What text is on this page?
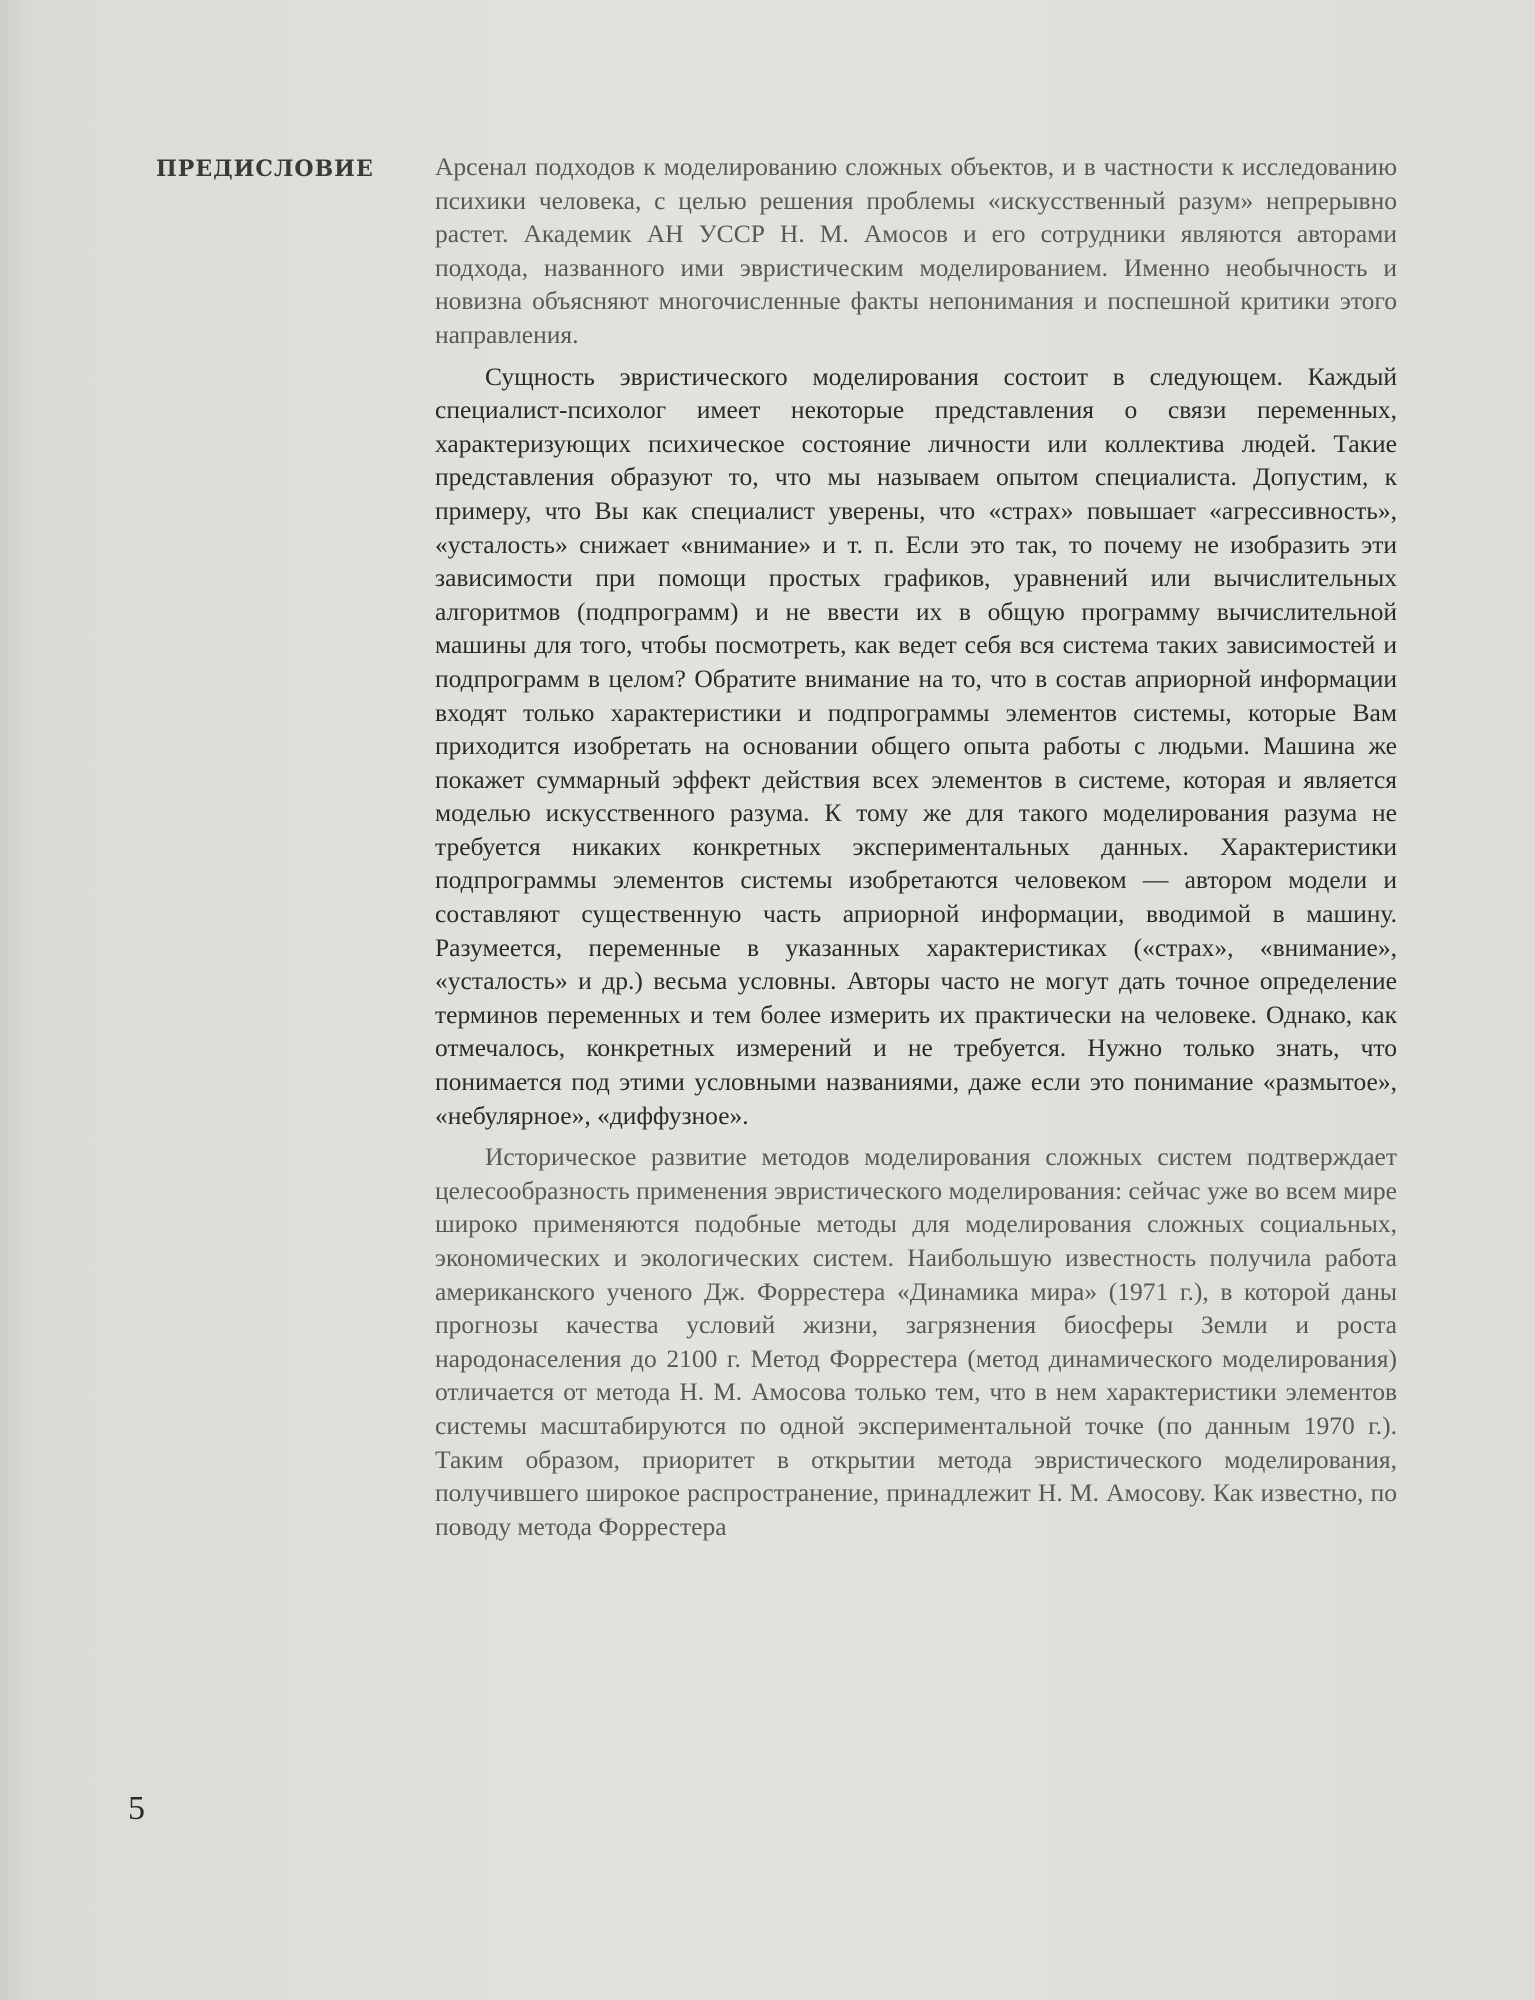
ПРЕДИСЛОВИЕ Арсенал подходов к моделированию сложных объектов, и в частности к исследованию психики человека, с целью решения проблемы «искусственный разум» непрерывно растет. Академик АН УССР Н. М. Амосов и его сотрудники являются авторами подхода, названного ими эвристическим моделированием. Именно необычность и новизна объясняют многочисленные факты непонимания и поспешной критики этого направления.

Сущность эвристического моделирования состоит в следующем. Каждый специалист-психолог имеет некоторые представления о связи переменных, характеризующих психическое состояние личности или коллектива людей. Такие представления образуют то, что мы называем опытом специалиста. Допустим, к примеру, что Вы как специалист уверены, что «страх» повышает «агрессивность», «усталость» снижает «внимание» и т. п. Если это так, то почему не изобразить эти зависимости при помощи простых графиков, уравнений или вычислительных алгоритмов (подпрограмм) и не ввести их в общую программу вычислительной машины для того, чтобы посмотреть, как ведет себя вся система таких зависимостей и подпрограмм в целом? Обратите внимание на то, что в состав априорной информации входят только характеристики и подпрограммы элементов системы, которые Вам приходится изобретать на основании общего опыта работы с людьми. Машина же покажет суммарный эффект действия всех элементов в системе, которая и является моделью искусственного разума. К тому же для такого моделирования разума не требуется никаких конкретных экспериментальных данных. Характеристики подпрограммы элементов системы изобретаются человеком — автором модели и составляют существенную часть априорной информации, вводимой в машину. Разумеется, переменные в указанных характеристиках («страх», «внимание», «усталость» и др.) весьма условны. Авторы часто не могут дать точное определение терминов переменных и тем более измерить их практически на человеке. Однако, как отмечалось, конкретных измерений и не требуется. Нужно только знать, что понимается под этими условными названиями, даже если это понимание «размытое», «небулярное», «диффузное».

Историческое развитие методов моделирования сложных систем подтверждает целесообразность применения эвристического моделирования: сейчас уже во всем мире широко применяются подобные методы для моделирования сложных социальных, экономических и экологических систем. Наибольшую известность получила работа американского ученого Дж. Форрестера «Динамика мира» (1971 г.), в которой даны прогнозы качества условий жизни, загрязнения биосферы Земли и роста народонаселения до 2100 г. Метод Форрестера (метод динамического моделирования) отличается от метода Н. М. Амосова только тем, что в нем характеристики элементов системы масштабируются по одной экспериментальной точке (по данным 1970 г.). Таким образом, приоритет в открытии метода эвристического моделирования, получившего широкое распространение, принадлежит Н. М. Амосову. Как известно, по поводу метода Форрестера

5
